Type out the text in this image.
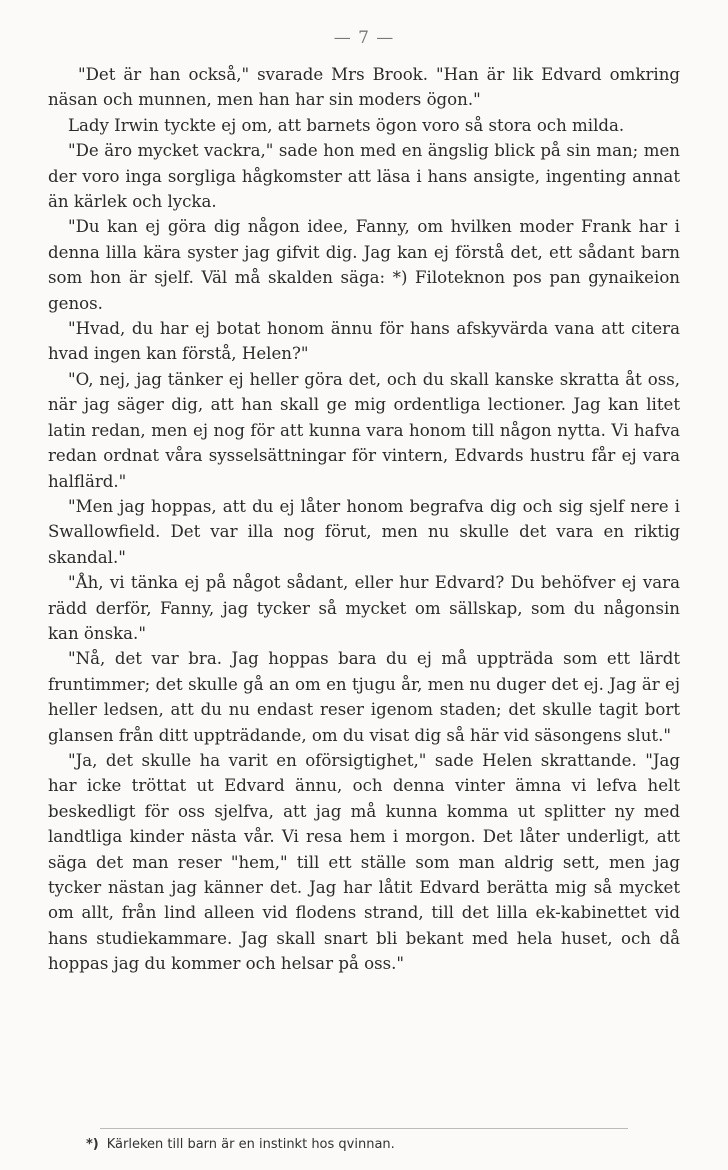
— 7 —

"Det är han också," svarade Mrs Brook. "Han är lik Edvard omkring näsan och munnen, men han har sin moders ögon."

Lady Irwin tyckte ej om, att barnets ögon voro så stora och milda.

"De äro mycket vackra," sade hon med en ängslig blick på sin man; men der voro inga sorgliga hågkomster att läsa i hans ansigte, ingenting annat än kärlek och lycka.

"Du kan ej göra dig någon idee, Fanny, om hvilken moder Frank har i denna lilla kära syster jag gifvit dig. Jag kan ej förstå det, ett sådant barn som hon är sjelf. Väl må skalden säga: *) Filoteknon pos pan gynaikeion genos.

"Hvad, du har ej botat honom ännu för hans afskyvärda vana att citera hvad ingen kan förstå, Helen?"

"O, nej, jag tänker ej heller göra det, och du skall kanske skratta åt oss, när jag säger dig, att han skall ge mig ordentliga lectioner. Jag kan litet latin redan, men ej nog för att kunna vara honom till någon nytta. Vi hafva redan ordnat våra sysselsättningar för vintern, Edvards hustru får ej vara halflärd."

"Men jag hoppas, att du ej låter honom begrafva dig och sig sjelf nere i Swallowfield. Det var illa nog förut, men nu skulle det vara en riktig skandal."

"Åh, vi tänka ej på något sådant, eller hur Edvard? Du behöfver ej vara rädd derför, Fanny, jag tycker så mycket om sällskap, som du någonsin kan önska."

"Nå, det var bra. Jag hoppas bara du ej må uppträda som ett lärdt fruntimmer; det skulle gå an om en tjugu år, men nu duger det ej. Jag är ej heller ledsen, att du nu endast reser igenom staden; det skulle tagit bort glansen från ditt uppträdande, om du visat dig så här vid säsongens slut."

"Ja, det skulle ha varit en oförsigtighet," sade Helen skrattande. "Jag har icke tröttat ut Edvard ännu, och denna vinter ämna vi lefva helt beskedligt för oss sjelfva, att jag må kunna komma ut splitter ny med landtliga kinder nästa vår. Vi resa hem i morgon. Det låter underligt, att säga det man reser "hem," till ett ställe som man aldrig sett, men jag tycker nästan jag känner det. Jag har låtit Edvard berätta mig så mycket om allt, från lind alleen vid flodens strand, till det lilla ek-kabinettet vid hans studiekammare. Jag skall snart bli bekant med hela huset, och då hoppas jag du kommer och helsar på oss."

*) Kärleken till barn är en instinkt hos qvinnan.
